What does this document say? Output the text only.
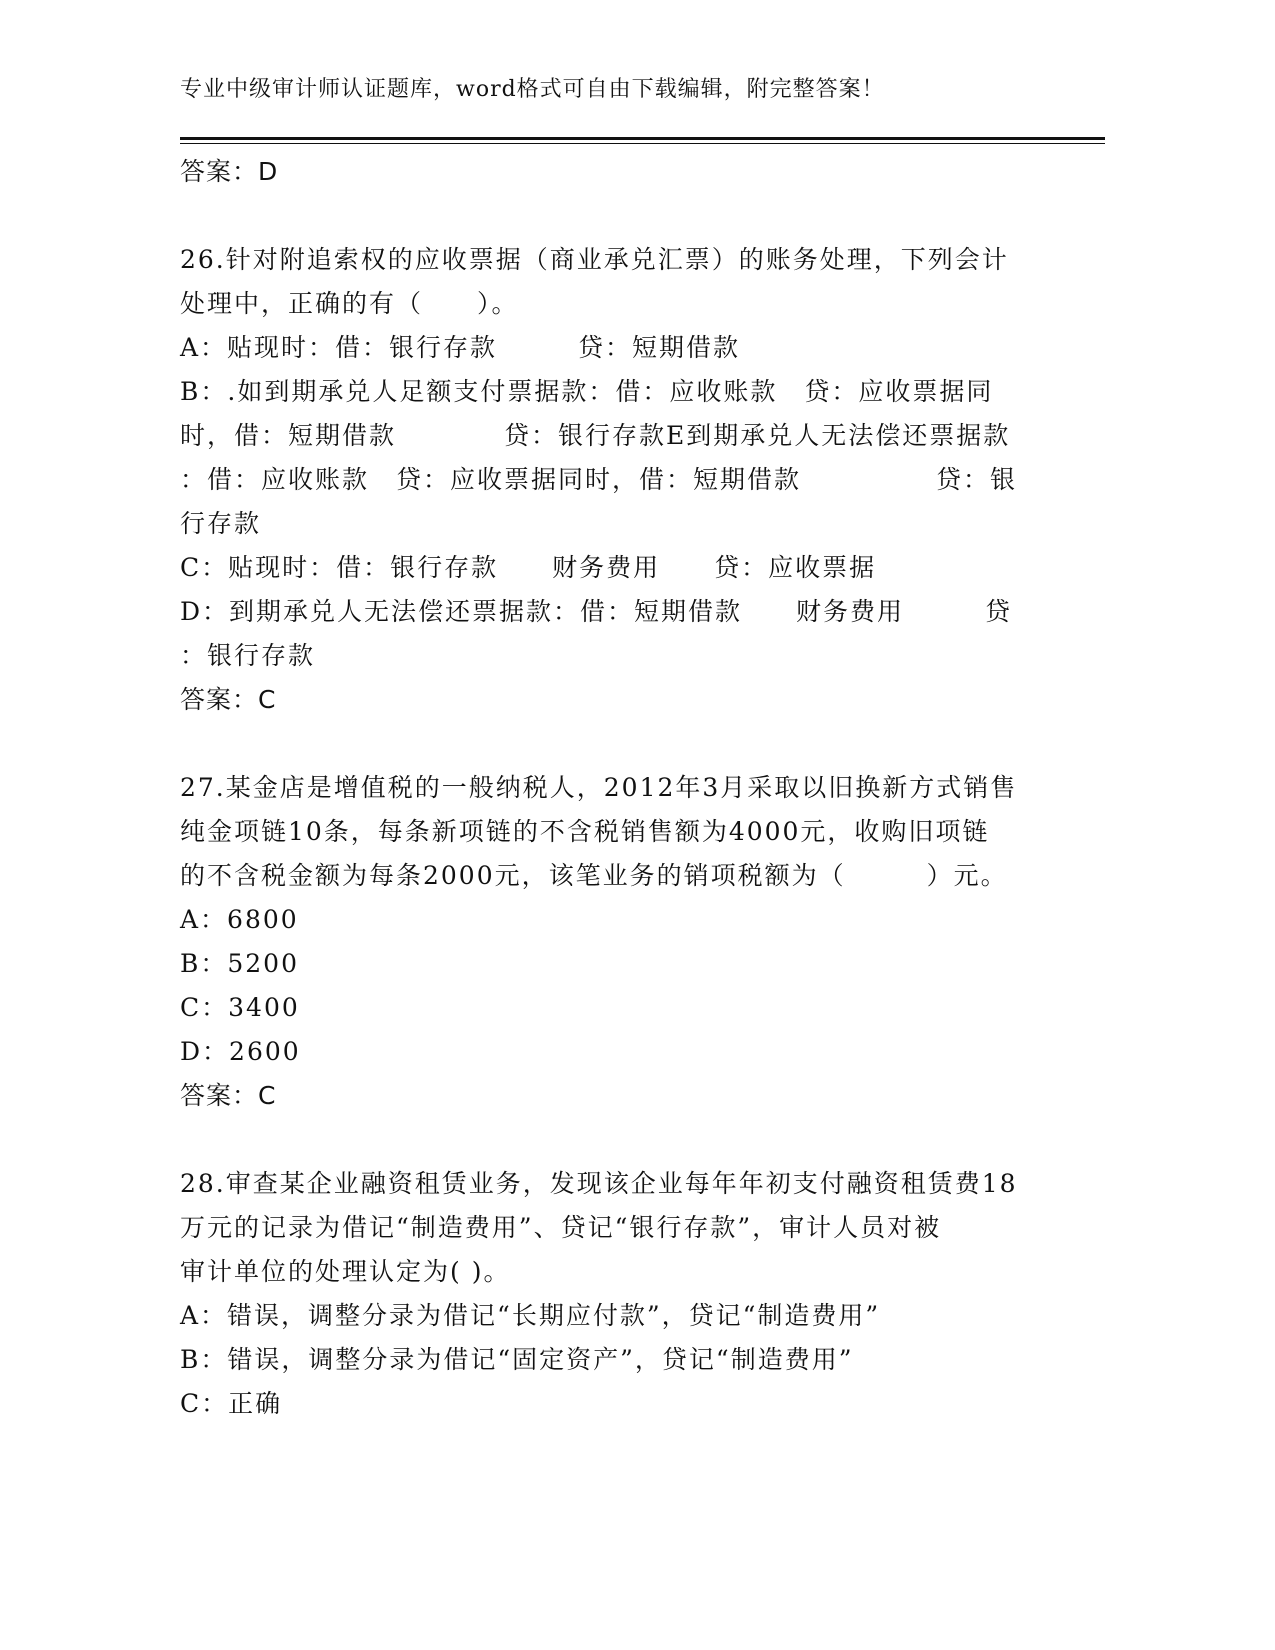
专业中级审计师认证题库，word格式可自由下载编辑，附完整答案！
答案：D
26.针对附追索权的应收票据（商业承兑汇票）的账务处理，下列会计
处理中，正确的有（　　）。
A：贴现时：借：银行存款　　　贷：短期借款
B：.如到期承兑人足额支付票据款：借：应收账款　贷：应收票据同
时，借：短期借款　　　　贷：银行存款E到期承兑人无法偿还票据款
：借：应收账款　贷：应收票据同时，借：短期借款　　　　　贷：银
行存款
C：贴现时：借：银行存款　　财务费用　　贷：应收票据
D：到期承兑人无法偿还票据款：借：短期借款　　财务费用　　　贷
：银行存款
答案：C
27.某金店是增值税的一般纳税人，2012年3月采取以旧换新方式销售
纯金项链10条，每条新项链的不含税销售额为4000元，收购旧项链
的不含税金额为每条2000元，该笔业务的销项税额为（　　　）元。
A：6800
B：5200
C：3400
D：2600
答案：C
28.审查某企业融资租赁业务，发现该企业每年年初支付融资租赁费18
万元的记录为借记“制造费用”、贷记“银行存款”，审计人员对被
审计单位的处理认定为( )。
A：错误，调整分录为借记“长期应付款”，贷记“制造费用”
B：错误，调整分录为借记“固定资产”，贷记“制造费用”
C：正确
